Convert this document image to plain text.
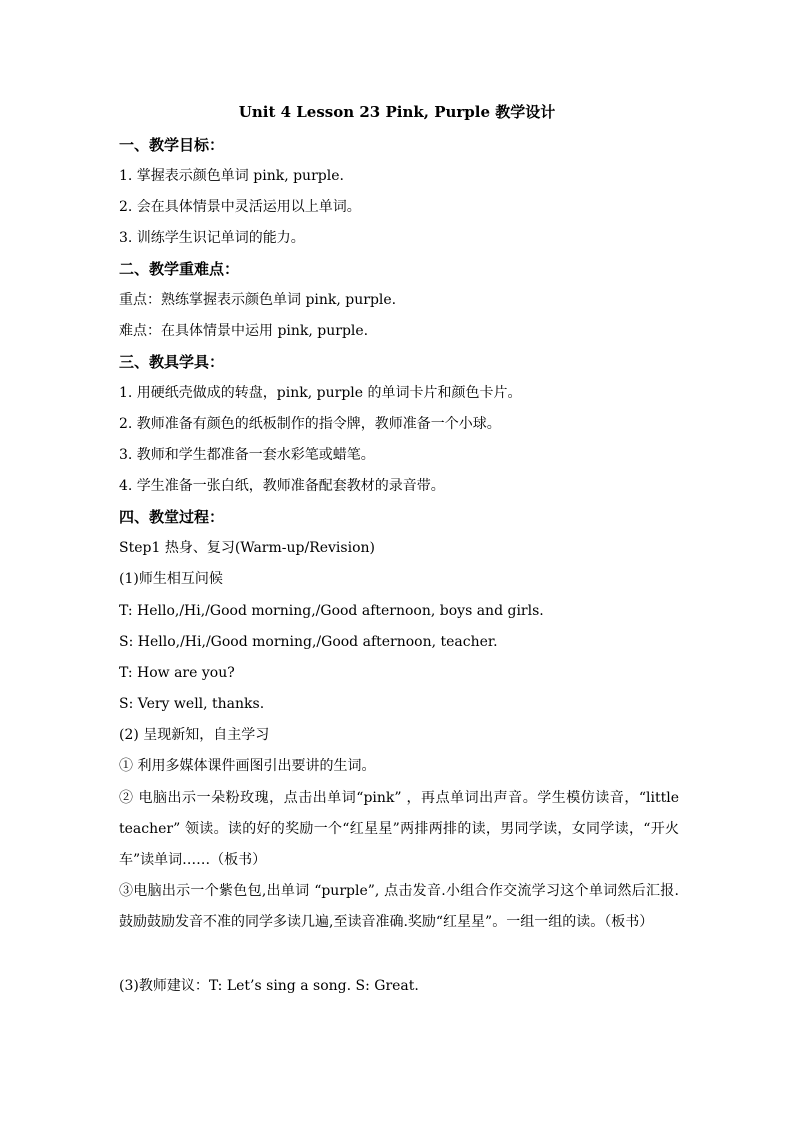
Unit 4 Lesson 23 Pink, Purple 教学设计
一、教学目标：
1. 掌握表示颜色单词 pink, purple.
2. 会在具体情景中灵活运用以上单词。
3. 训练学生识记单词的能力。
二、教学重难点：
重点：熟练掌握表示颜色单词 pink, purple.
难点：在具体情景中运用 pink, purple.
三、教具学具：
1. 用硬纸壳做成的转盘，pink, purple 的单词卡片和颜色卡片。
2. 教师准备有颜色的纸板制作的指令牌，教师准备一个小球。
3. 教师和学生都准备一套水彩笔或蜡笔。
4. 学生准备一张白纸，教师准备配套教材的录音带。
四、教堂过程：
Step1 热身、复习(Warm-up/Revision)
(1)师生相互问候
T: Hello,/Hi,/Good morning,/Good afternoon, boys and girls.
S: Hello,/Hi,/Good morning,/Good afternoon, teacher.
T: How are you?
S: Very well, thanks.
(2) 呈现新知，自主学习
① 利用多媒体课件画图引出要讲的生词。
② 电脑出示一朵粉玫瑰，点击出单词“pink” ，再点单词出声音。学生模仿读音，“little teacher” 领读。读的好的奖励一个“红星星”两排两排的读，男同学读，女同学读，“开火车”读单词……（板书）
③电脑出示一个紫色包,出单词 “purple”, 点击发音.小组合作交流学习这个单词然后汇报.鼓励鼓励发音不准的同学多读几遍,至读音准确.奖励“红星星”。一组一组的读。（板书）
(3)教师建议：T: Let’s sing a song. S: Great.
